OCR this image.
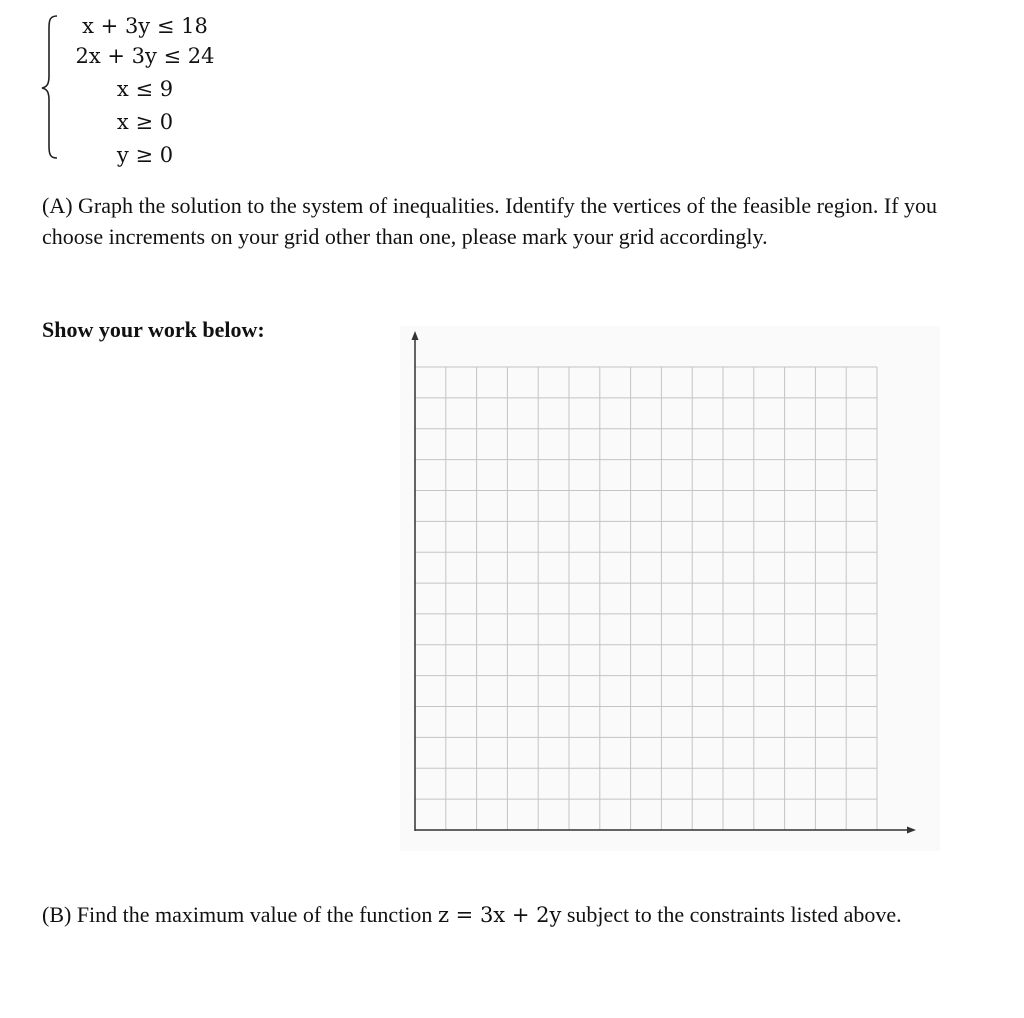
x + 3y ≤ 18
2x + 3y ≤ 24
x ≤ 9
x ≥ 0
y ≥ 0

(A) Graph the solution to the system of inequalities. Identify the vertices of the feasible region. If you choose increments on your grid other than one, please mark your grid accordingly.

Show your work below:

(B) Find the maximum value of the function z = 3x + 2y subject to the constraints listed above.
